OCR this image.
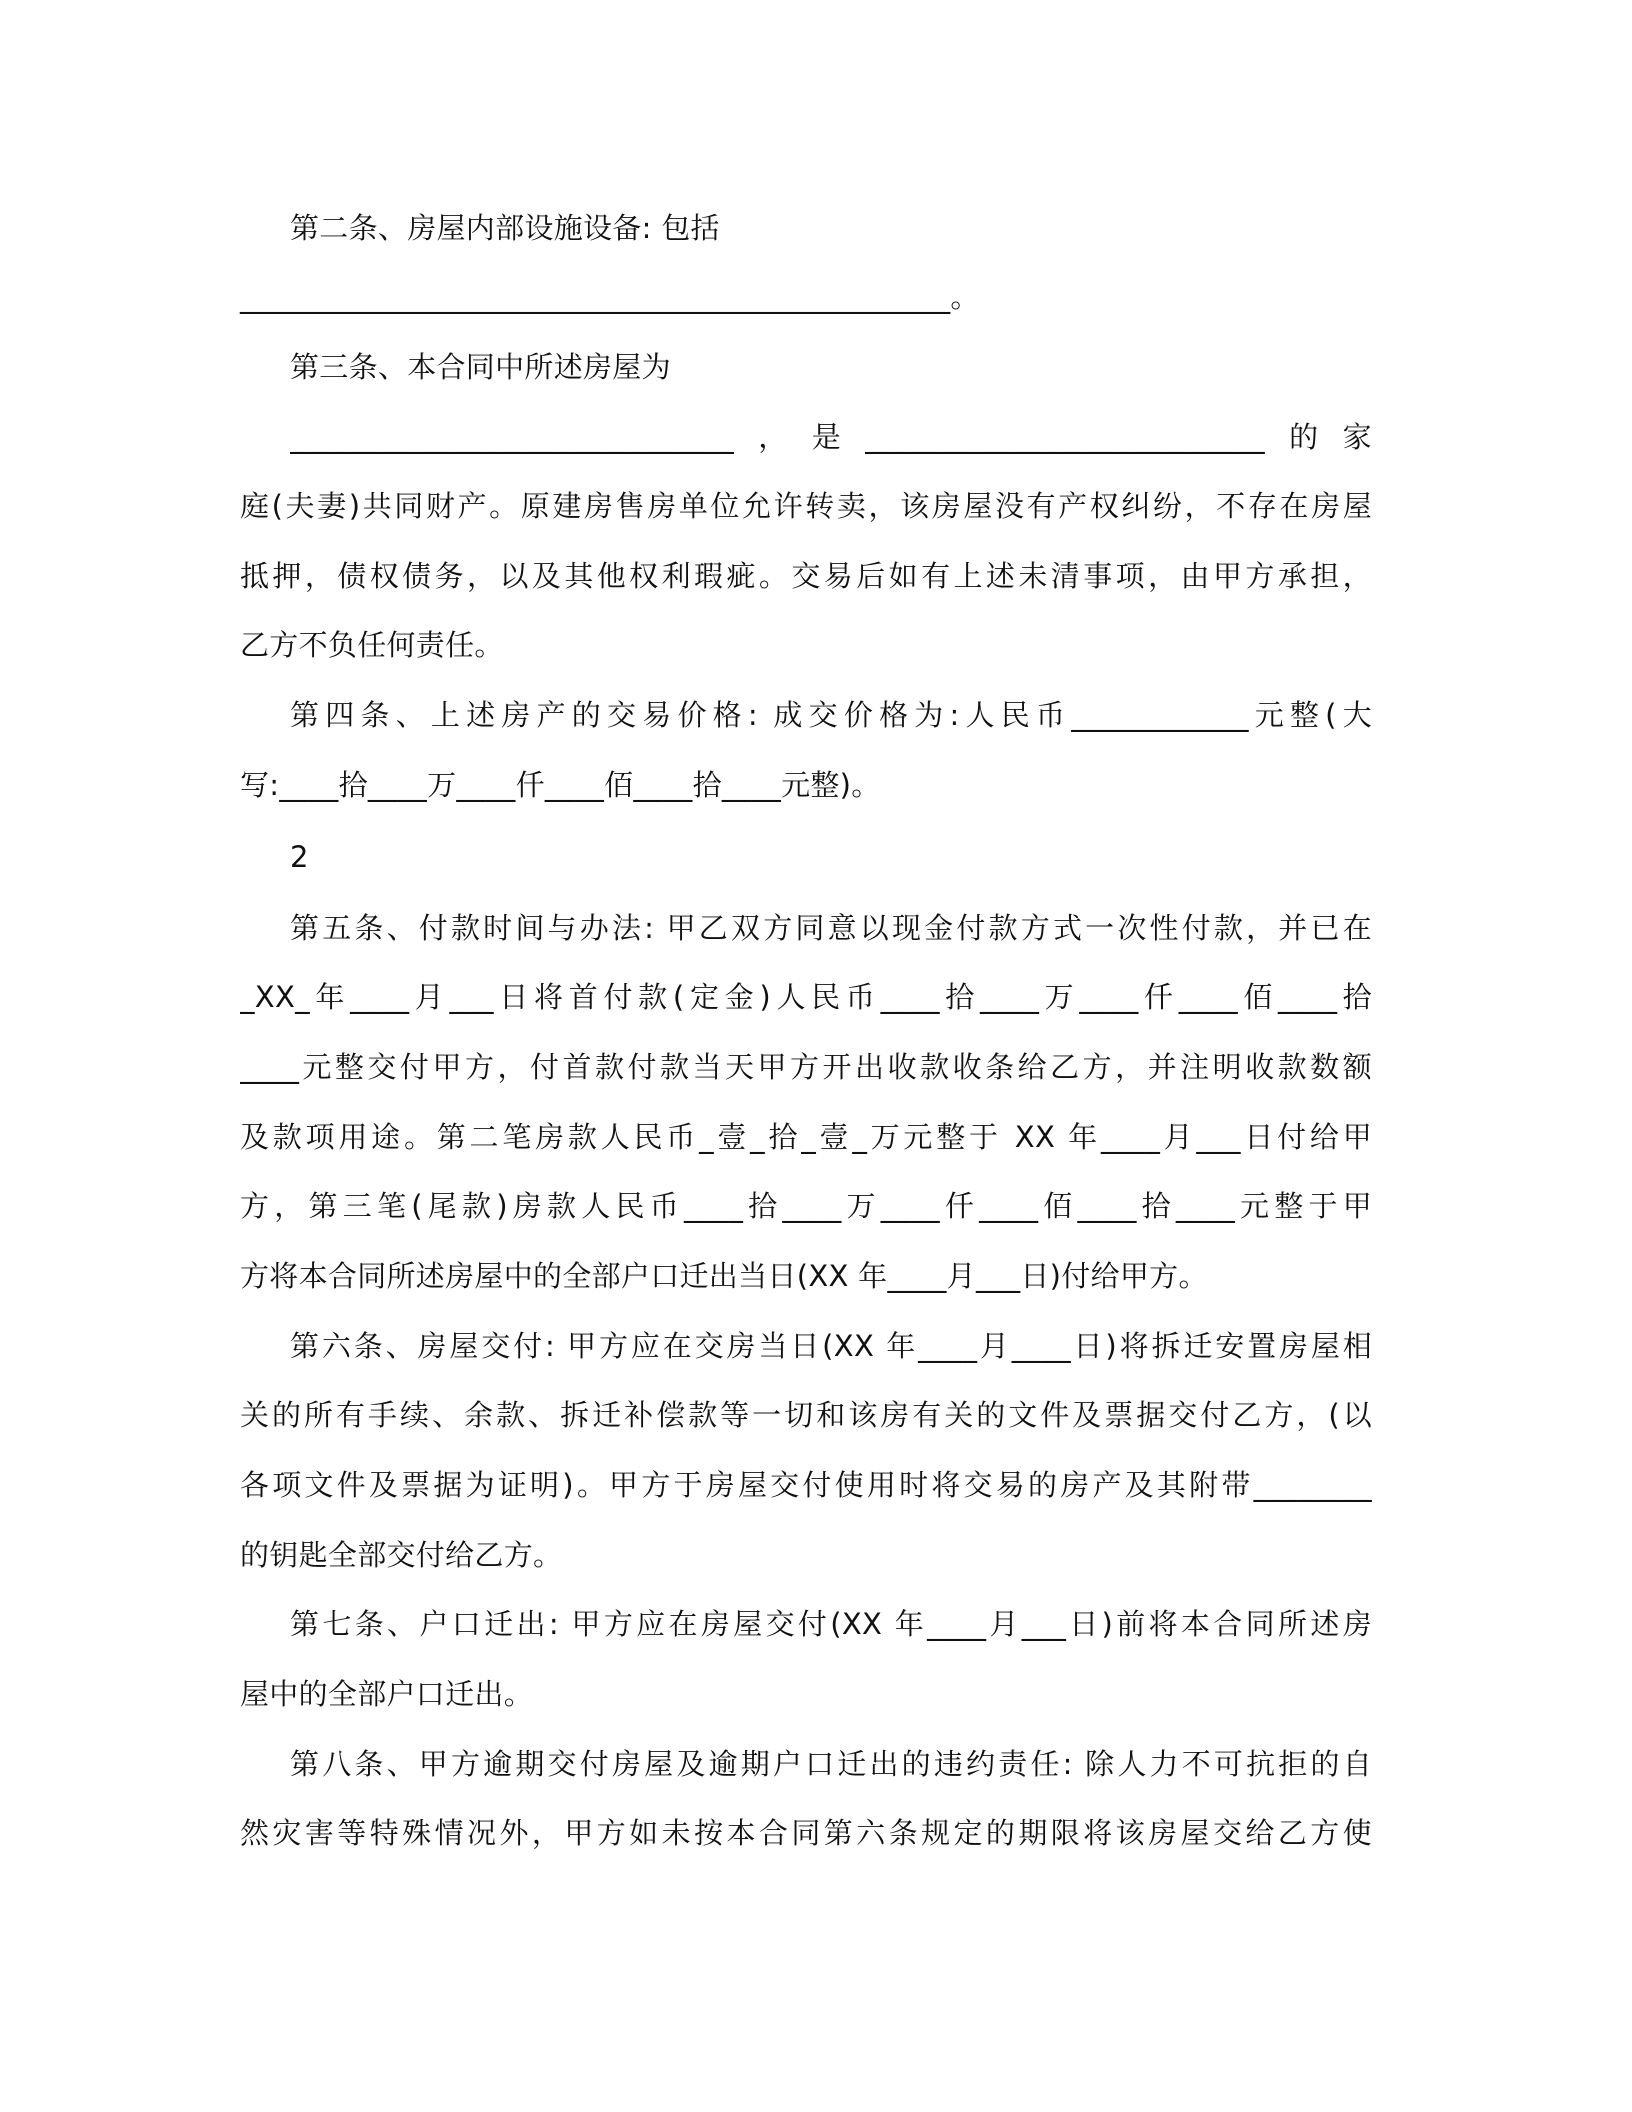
第二条、房屋内部设施设备: 包括
________________________________________________。
第三条、本合同中所述房屋为
______________________________，是___________________________的家
庭(夫妻)共同财产。原建房售房单位允许转卖，该房屋没有产权纠纷，不存在房屋
抵押，债权债务，以及其他权利瑕疵。交易后如有上述未清事项，由甲方承担，
乙方不负任何责任。
第四条、上述房产的交易价格: 成交价格为:人民币____________元整(大
写:____拾____万____仟____佰____拾____元整)。
2
第五条、付款时间与办法: 甲乙双方同意以现金付款方式一次性付款，并已在
_XX_年____月___日将首付款(定金)人民币____拾____万____仟____佰____拾
____元整交付甲方，付首款付款当天甲方开出收款收条给乙方，并注明收款数额
及款项用途。第二笔房款人民币_壹_拾_壹_万元整于 XX 年____月___日付给甲
方，第三笔(尾款)房款人民币____拾____万____仟____佰____拾____元整于甲
方将本合同所述房屋中的全部户口迁出当日(XX 年____月___日)付给甲方。
第六条、房屋交付: 甲方应在交房当日(XX 年____月____日)将拆迁安置房屋相
关的所有手续、余款、拆迁补偿款等一切和该房有关的文件及票据交付乙方，(以
各项文件及票据为证明)。甲方于房屋交付使用时将交易的房产及其附带________
的钥匙全部交付给乙方。
第七条、户口迁出: 甲方应在房屋交付(XX 年____月___日)前将本合同所述房
屋中的全部户口迁出。
第八条、甲方逾期交付房屋及逾期户口迁出的违约责任: 除人力不可抗拒的自
然灾害等特殊情况外，甲方如未按本合同第六条规定的期限将该房屋交给乙方使
